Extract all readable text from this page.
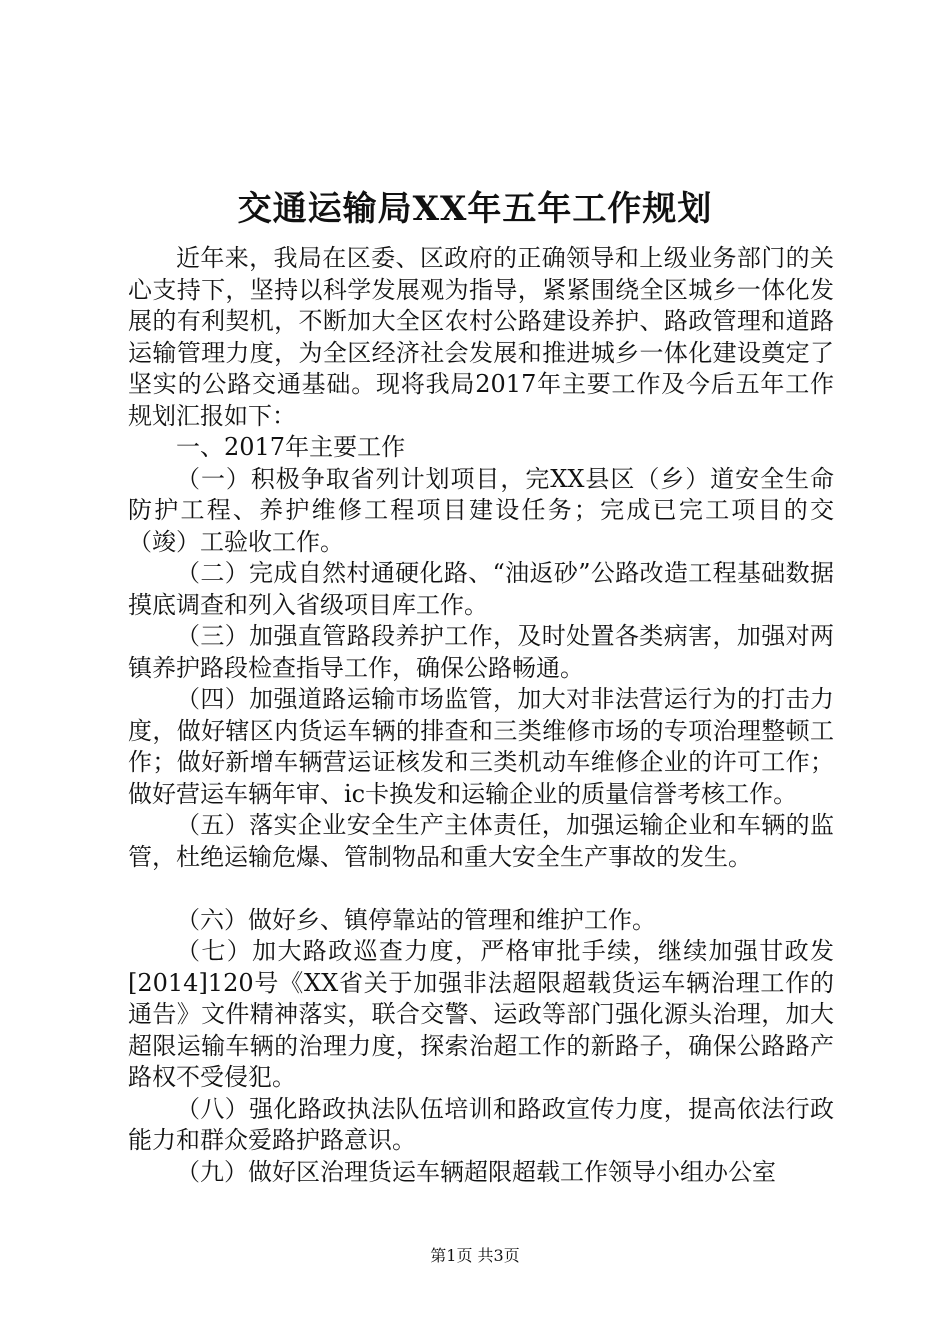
交通运输局XX年五年工作规划

近年来，我局在区委、区政府的正确领导和上级业务部门的关心支持下，坚持以科学发展观为指导，紧紧围绕全区城乡一体化发展的有利契机，不断加大全区农村公路建设养护、路政管理和道路运输管理力度，为全区经济社会发展和推进城乡一体化建设奠定了坚实的公路交通基础。现将我局2017年主要工作及今后五年工作规划汇报如下：

一、2017年主要工作

（一）积极争取省列计划项目，完XX县区（乡）道安全生命防护工程、养护维修工程项目建设任务；完成已完工项目的交（竣）工验收工作。

（二）完成自然村通硬化路、“油返砂”公路改造工程基础数据摸底调查和列入省级项目库工作。

（三）加强直管路段养护工作，及时处置各类病害，加强对两镇养护路段检查指导工作，确保公路畅通。

（四）加强道路运输市场监管，加大对非法营运行为的打击力度，做好辖区内货运车辆的排查和三类维修市场的专项治理整顿工作；做好新增车辆营运证核发和三类机动车维修企业的许可工作；做好营运车辆年审、ic卡换发和运输企业的质量信誉考核工作。

（五）落实企业安全生产主体责任，加强运输企业和车辆的监管，杜绝运输危爆、管制物品和重大安全生产事故的发生。

（六）做好乡、镇停靠站的管理和维护工作。

（七）加大路政巡查力度，严格审批手续，继续加强甘政发[2014]120号《XX省关于加强非法超限超载货运车辆治理工作的通告》文件精神落实，联合交警、运政等部门强化源头治理，加大超限运输车辆的治理力度，探索治超工作的新路子，确保公路路产路权不受侵犯。

（八）强化路政执法队伍培训和路政宣传力度，提高依法行政能力和群众爱路护路意识。

（九）做好区治理货运车辆超限超载工作领导小组办公室

第1页 共3页
